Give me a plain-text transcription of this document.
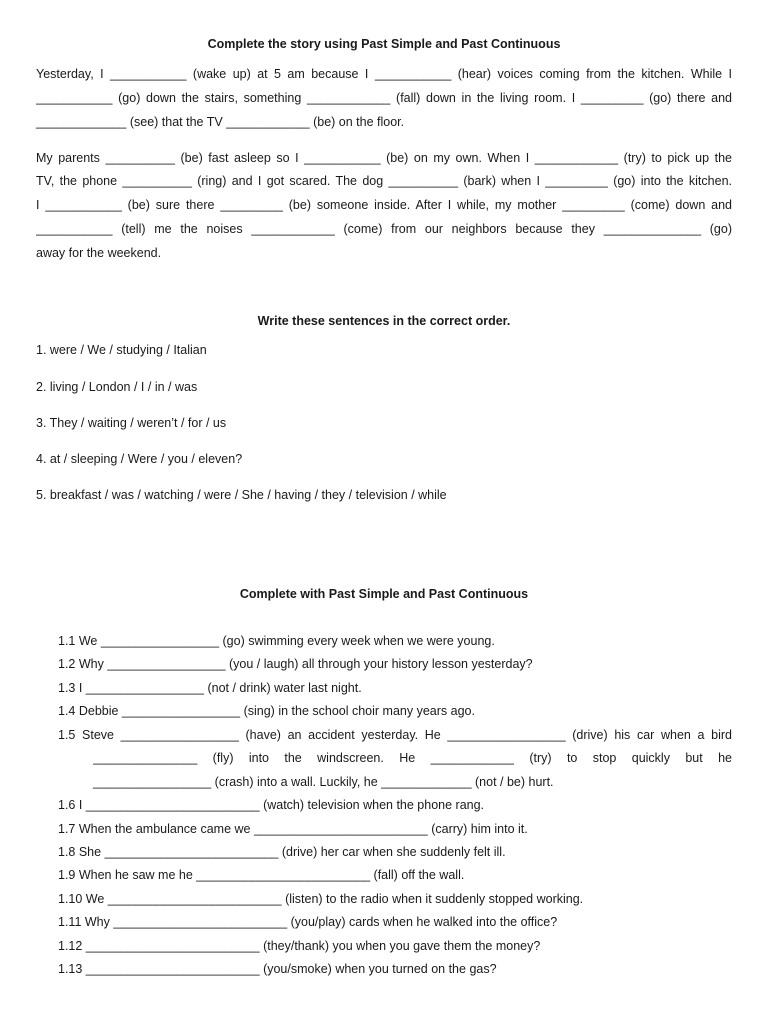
Complete the story using Past Simple and Past Continuous
Yesterday, I ___________ (wake up) at 5 am because I ___________ (hear) voices coming from the kitchen. While I
___________ (go) down the stairs, something ____________ (fall) down in the living room. I _________ (go) there and
_____________ (see) that the TV ____________ (be) on the floor.
My parents __________ (be) fast asleep so I ___________ (be) on my own. When I ____________ (try) to pick up the
TV, the phone __________ (ring) and I got scared. The dog __________ (bark) when I _________ (go) into the kitchen.
I ___________ (be) sure there _________ (be) someone inside. After I while, my mother _________ (come) down and
___________ (tell) me the noises ____________ (come) from our neighbors because they ______________ (go)
away for the weekend.
Write these sentences in the correct order.
1. were / We / studying / Italian
2. living / London / I / in / was
3. They / waiting / weren’t / for / us
4. at / sleeping / Were / you / eleven?
5. breakfast / was / watching / were / She / having / they / television / while
Complete with Past Simple and Past Continuous
1.1 We _________________ (go) swimming every week when we were young.
1.2 Why _________________ (you / laugh) all through your history lesson yesterday?
1.3 I _________________ (not / drink) water last night.
1.4 Debbie _________________ (sing) in the school choir many years ago.
1.5 Steve _________________ (have) an accident yesterday. He _________________ (drive) his car when a bird
_______________ (fly) into the windscreen. He ____________ (try) to stop quickly but he
_________________ (crash) into a wall. Luckily, he _____________ (not / be) hurt.
1.6 I _________________________ (watch) television when the phone rang.
1.7 When the ambulance came we _________________________ (carry) him into it.
1.8 She _________________________ (drive) her car when she suddenly felt ill.
1.9 When he saw me he _________________________ (fall) off the wall.
1.10 We _________________________ (listen) to the radio when it suddenly stopped working.
1.11 Why _________________________ (you/play) cards when he walked into the office?
1.12 _________________________ (they/thank) you when you gave them the money?
1.13 _________________________ (you/smoke) when you turned on the gas?
